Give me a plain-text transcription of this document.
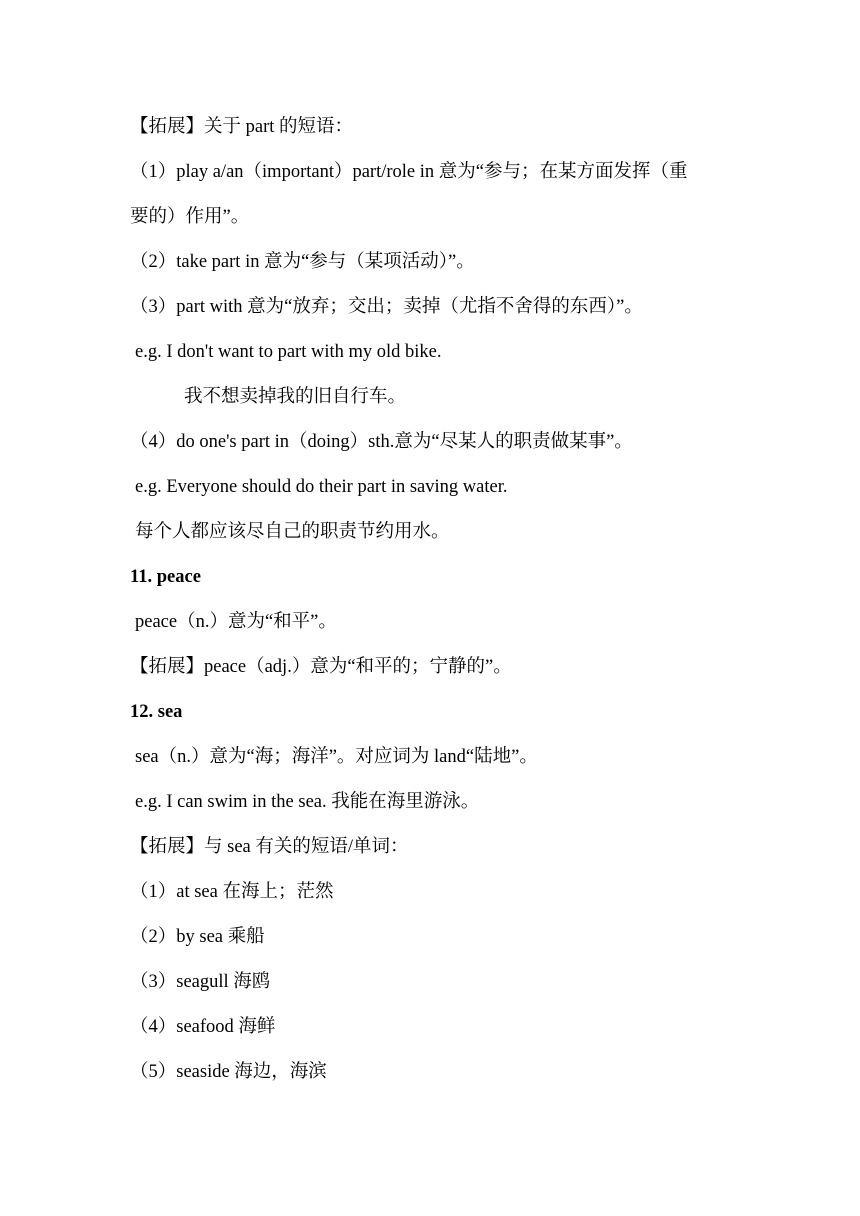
【拓展】关于 part 的短语：
（1）play a/an（important）part/role in 意为“参与；在某方面发挥（重
要的）作用”。
（2）take part in 意为“参与（某项活动）”。
（3）part with 意为“放弃；交出；卖掉（尤指不舍得的东西）”。
e.g. I don't want to part with my old bike.
我不想卖掉我的旧自行车。
（4）do one's part in（doing）sth.意为“尽某人的职责做某事”。
e.g. Everyone should do their part in saving water.
每个人都应该尽自己的职责节约用水。
11. peace
peace（n.）意为“和平”。
【拓展】peace（adj.）意为“和平的；宁静的”。
12. sea
sea（n.）意为“海；海洋”。对应词为 land“陆地”。
e.g. I can swim in the sea. 我能在海里游泳。
【拓展】与 sea 有关的短语/单词：
（1）at sea 在海上；茫然
（2）by sea 乘船
（3）seagull 海鸥
（4）seafood 海鲜
（5）seaside 海边，海滨
